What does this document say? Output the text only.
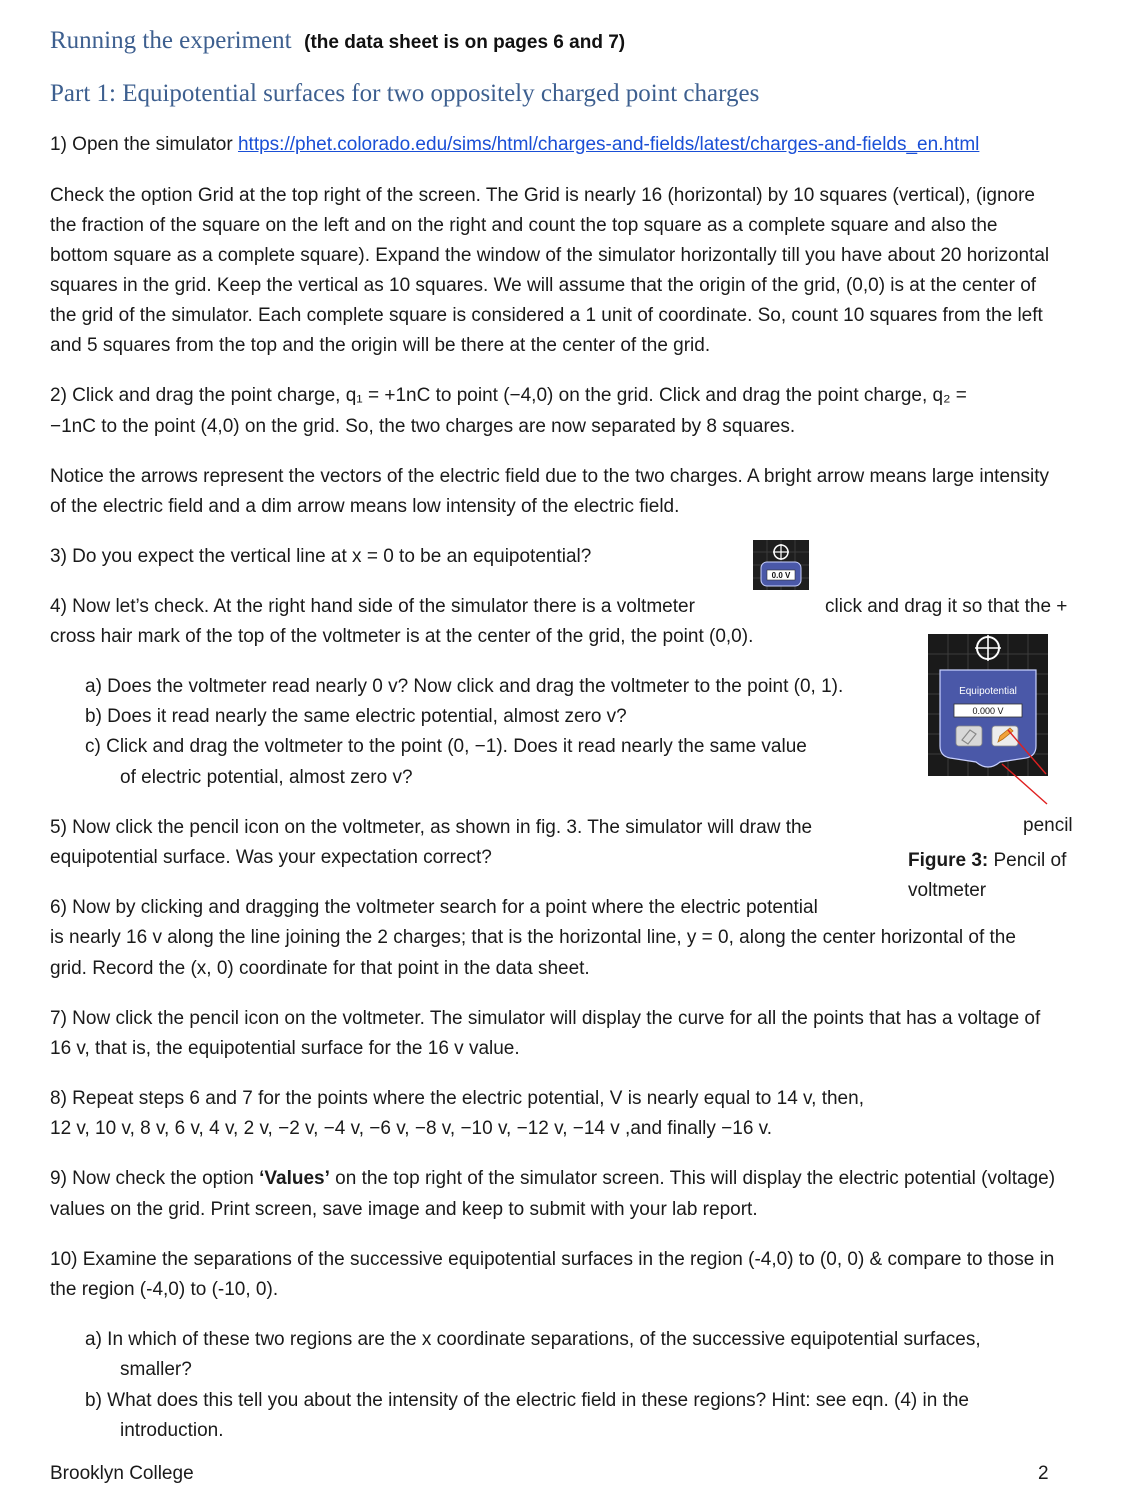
Running the experiment (the data sheet is on pages 6 and 7)
Part 1: Equipotential surfaces for two oppositely charged point charges
1) Open the simulator https://phet.colorado.edu/sims/html/charges-and-fields/latest/charges-and-fields_en.html
Check the option Grid at the top right of the screen. The Grid is nearly 16 (horizontal) by 10 squares (vertical), (ignore
the fraction of the square on the left and on the right and count the top square as a complete square and also the
bottom square as a complete square). Expand the window of the simulator horizontally till you have about 20 horizontal
squares in the grid. Keep the vertical as 10 squares. We will assume that the origin of the grid, (0,0) is at the center of
the grid of the simulator. Each complete square is considered a 1 unit of coordinate. So, count 10 squares from the left
and 5 squares from the top and the origin will be there at the center of the grid.
2) Click and drag the point charge, q₁ = +1nC to point (−4,0) on the grid. Click and drag the point charge, q₂ =
−1nC to the point (4,0) on the grid. So, the two charges are now separated by 8 squares.
Notice the arrows represent the vectors of the electric field due to the two charges. A bright arrow means large intensity
of the electric field and a dim arrow means low intensity of the electric field.
3) Do you expect the vertical line at x = 0 to be an equipotential?
0.0 V
4) Now let’s check. At the right hand side of the simulator there is a voltmeter	click and drag it so that the +
cross hair mark of the top of the voltmeter is at the center of the grid, the point (0,0).
a) Does the voltmeter read nearly 0 v? Now click and drag the voltmeter to the point (0, 1).
b) Does it read nearly the same electric potential, almost zero v?
c) Click and drag the voltmeter to the point (0, −1). Does it read nearly the same value
of electric potential, almost zero v?
Equipotential
0.000 V
pencil
Figure 3: Pencil of
voltmeter
5) Now click the pencil icon on the voltmeter, as shown in fig. 3. The simulator will draw the
equipotential surface. Was your expectation correct?
6) Now by clicking and dragging the voltmeter search for a point where the electric potential
is nearly 16 v along the line joining the 2 charges; that is the horizontal line, y = 0, along the center horizontal of the
grid. Record the (x, 0) coordinate for that point in the data sheet.
7) Now click the pencil icon on the voltmeter. The simulator will display the curve for all the points that has a voltage of
16 v, that is, the equipotential surface for the 16 v value.
8) Repeat steps 6 and 7 for the points where the electric potential, V is nearly equal to 14 v, then,
12 v, 10 v, 8 v, 6 v, 4 v, 2 v, −2 v, −4 v, −6 v, −8 v, −10 v, −12 v, −14 v ,and finally −16 v.
9) Now check the option ‘Values’ on the top right of the simulator screen. This will display the electric potential (voltage)
values on the grid. Print screen, save image and keep to submit with your lab report.
10) Examine the separations of the successive equipotential surfaces in the region (-4,0) to (0, 0) & compare to those in
the region (-4,0) to (-10, 0).
a) In which of these two regions are the x coordinate separations, of the successive equipotential surfaces,
smaller?
b) What does this tell you about the intensity of the electric field in these regions? Hint: see eqn. (4) in the
introduction.
Brooklyn College	2
